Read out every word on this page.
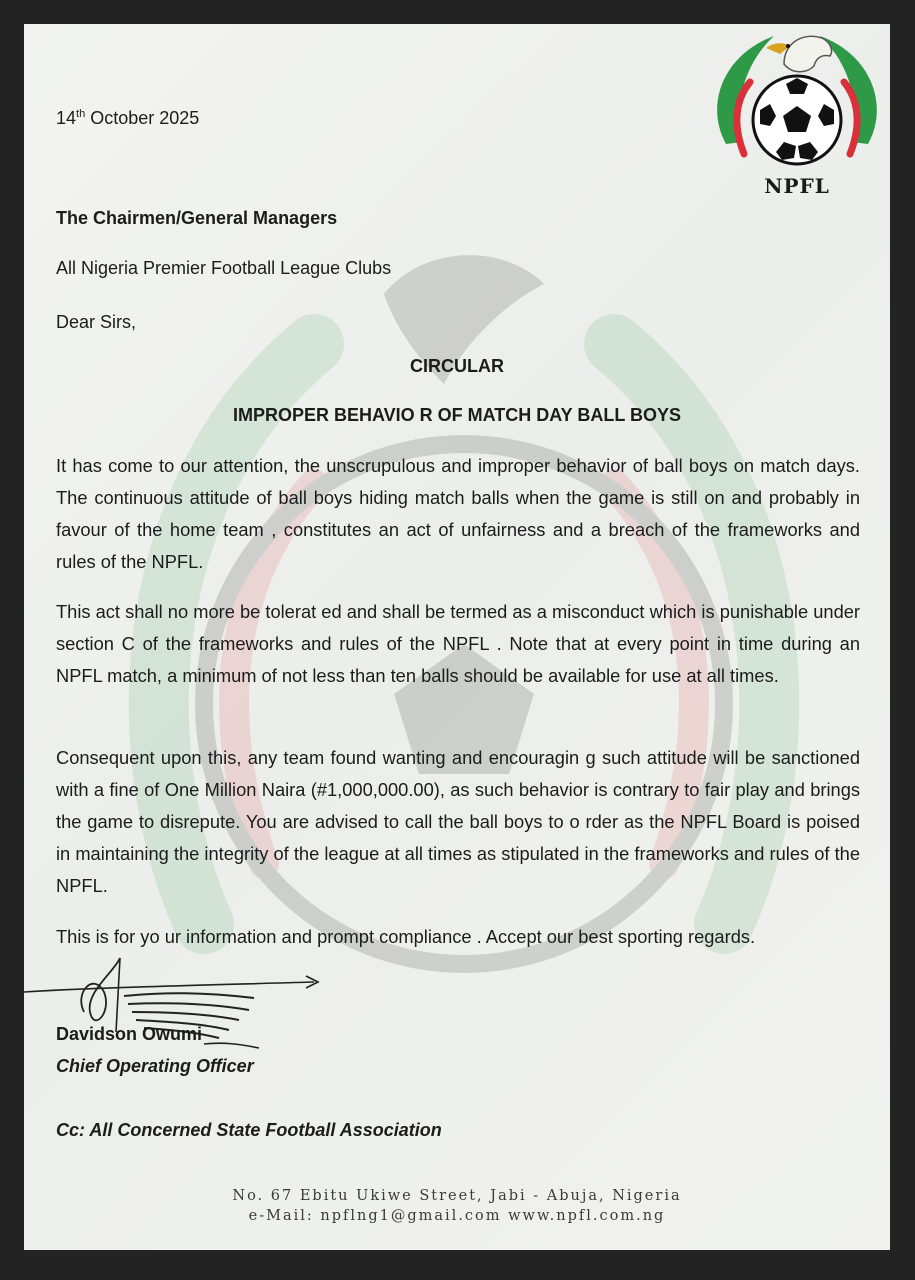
NPFL
14th October 2025
The Chairmen/General Managers
All Nigeria Premier Football League Clubs
Dear Sirs,
CIRCULAR
IMPROPER BEHAVIO R OF MATCH DAY BALL BOYS
It has come to our attention, the unscrupulous and improper behavior of ball boys on match days. The continuous attitude of ball boys hiding match balls when the game is still on and probably in favour of the home team , constitutes an act of unfairness and a breach of the frameworks and rules of the NPFL.
This act shall no more be tolerat ed and shall be termed as a misconduct which is punishable under section C of the frameworks and rules of the NPFL . Note that at every point in time during an NPFL match, a minimum of not less than ten balls should be available for use at all times.
Consequent upon this, any team found wanting and encouragin g such attitude will be sanctioned with a fine of One Million Naira (#1,000,000.00), as such behavior is contrary to fair play and brings the game to disrepute. You are advised to call the ball boys to o rder as the NPFL Board is poised in maintaining the integrity of the league at all times as stipulated in the frameworks and rules of the NPFL.
This is for yo ur information and prompt compliance . Accept our best sporting regards.
Davidson Owumi
Chief Operating Officer
Cc: All Concerned State Football Association
No. 67 Ebitu Ukiwe Street, Jabi - Abuja, Nigeria
e-Mail: npflng1@gmail.com www.npfl.com.ng
